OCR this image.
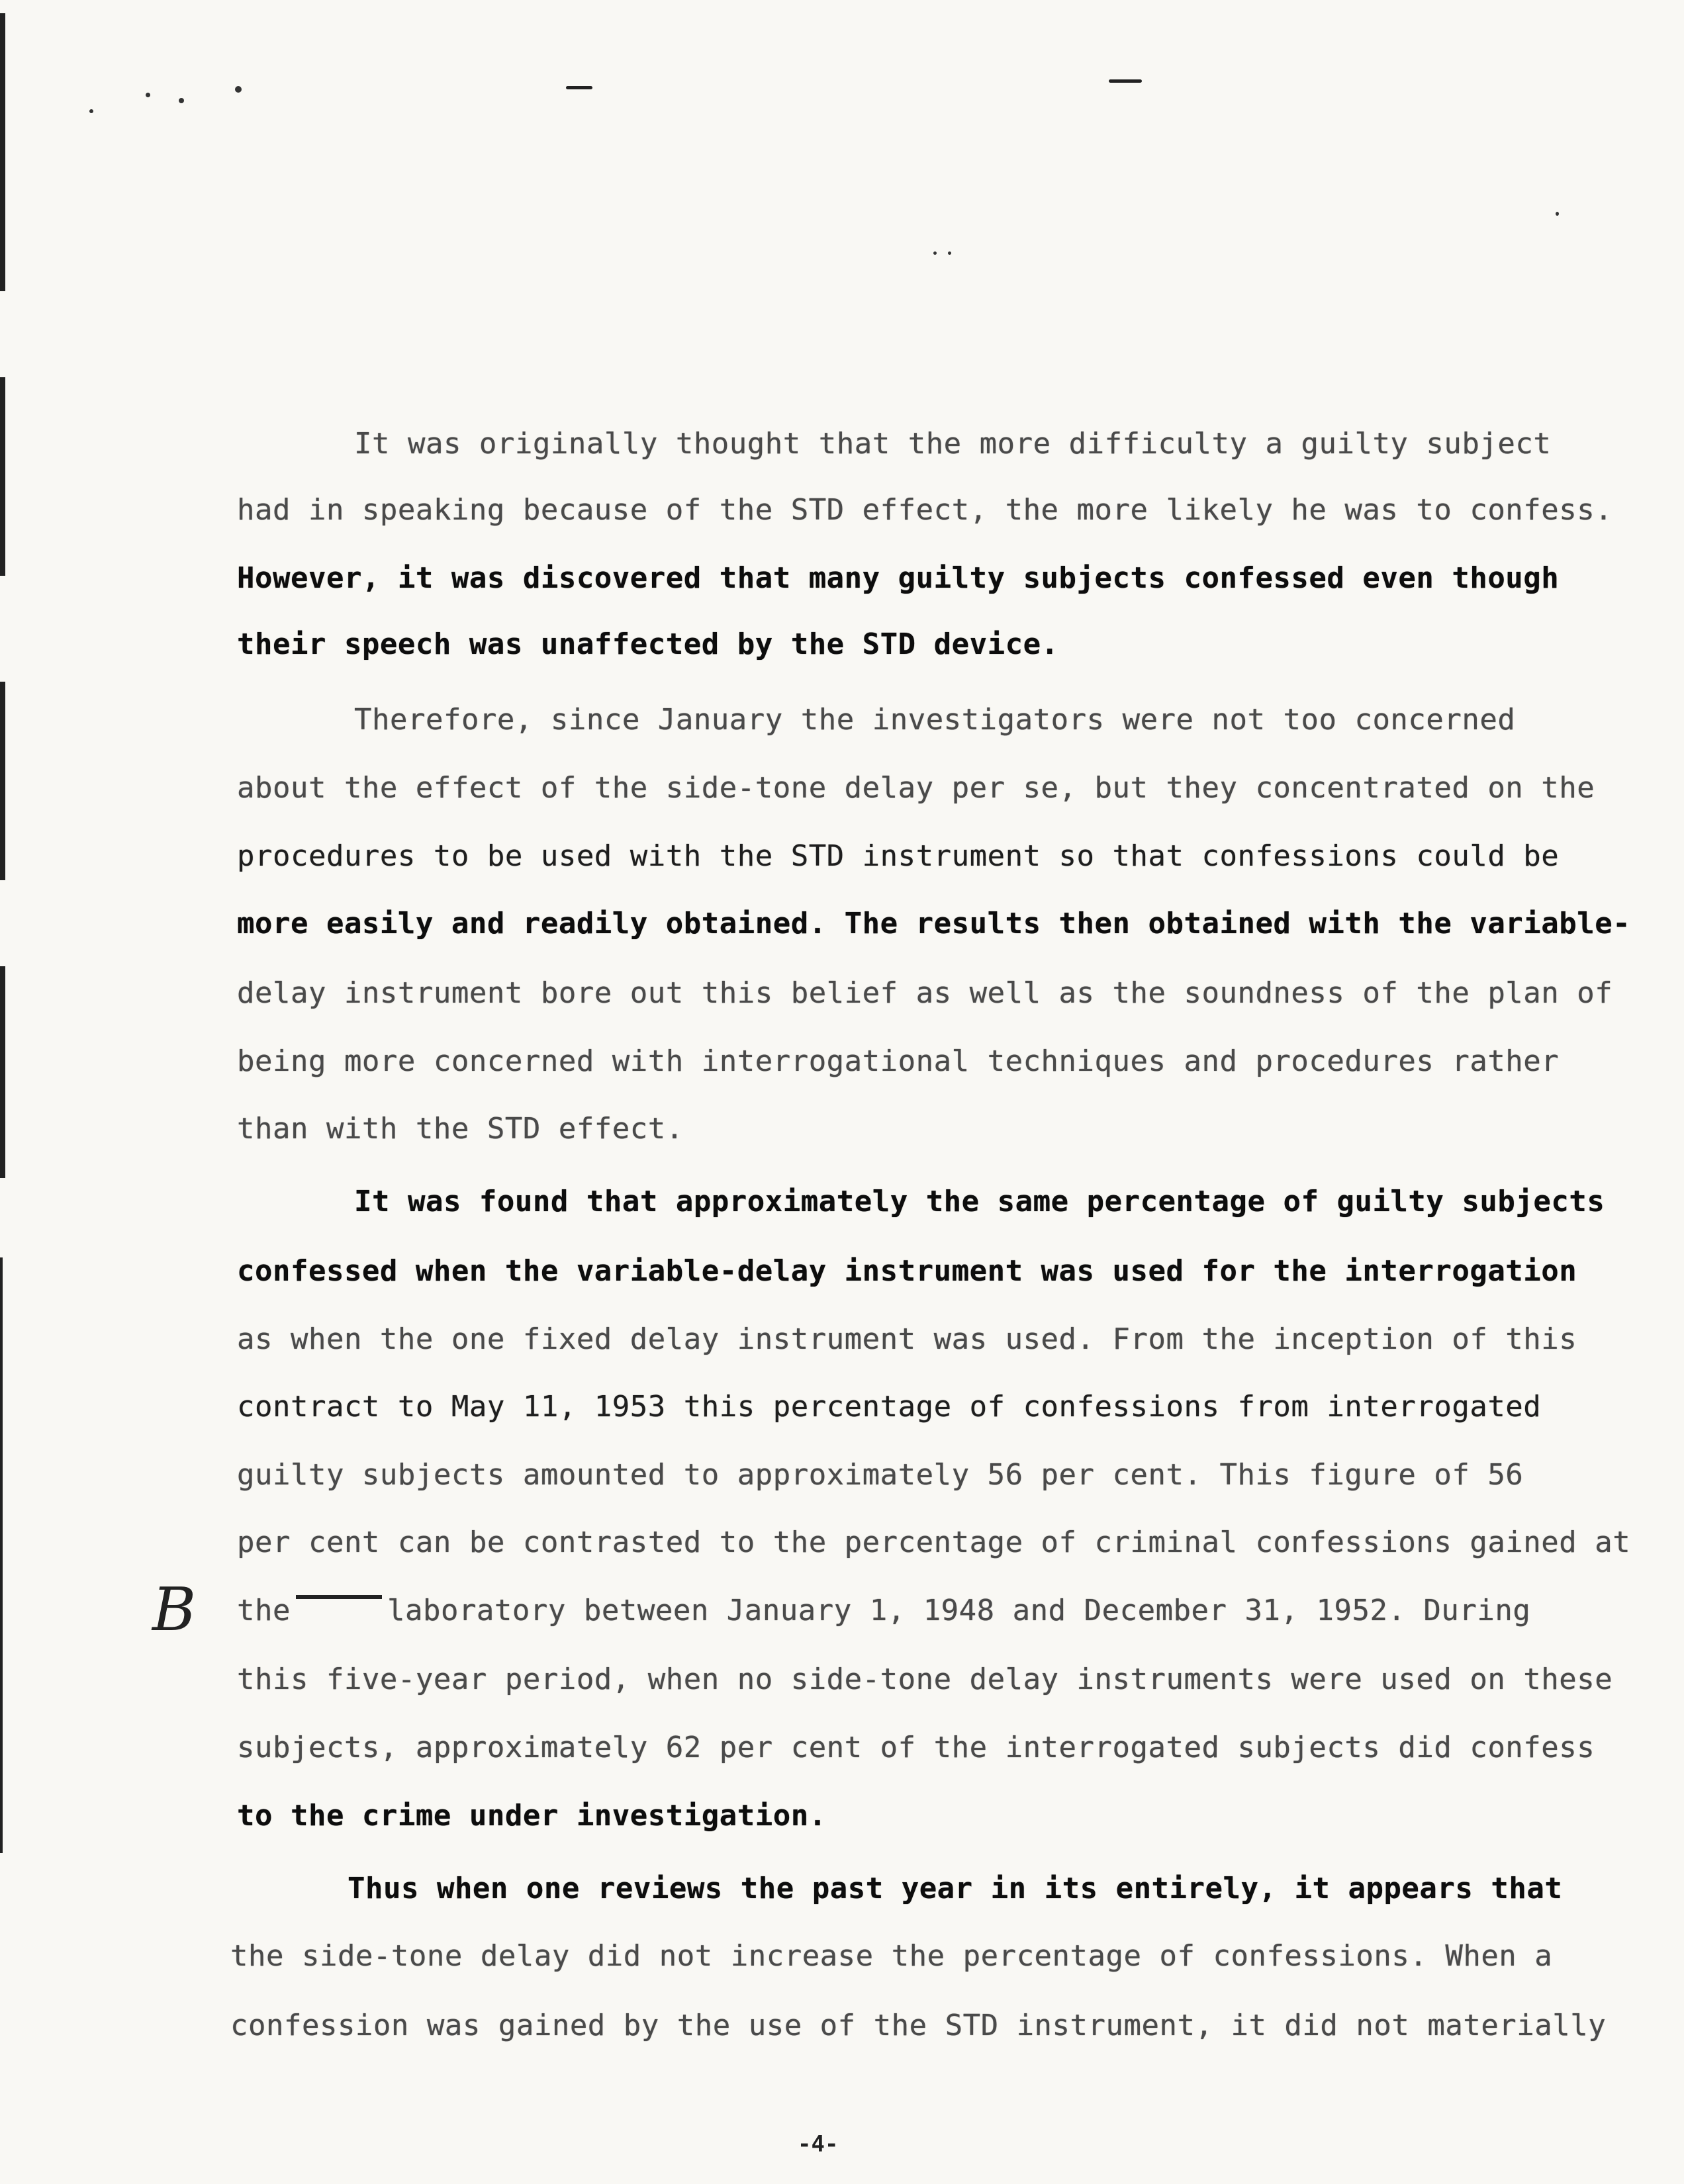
B
It was originally thought that the more difficulty a guilty subject
had in speaking because of the STD effect, the more likely he was to confess.
However, it was discovered that many guilty subjects confessed even though
their speech was unaffected by the STD device.
Therefore, since January the investigators were not too concerned
about the effect of the side-tone delay per se, but they concentrated on the
procedures to be used with the STD instrument so that confessions could be
more easily and readily obtained. The results then obtained with the variable-
delay instrument bore out this belief as well as the soundness of the plan of
being more concerned with interrogational techniques and procedures rather
than with the STD effect.
It was found that approximately the same percentage of guilty subjects
confessed when the variable-delay instrument was used for the interrogation
as when the one fixed delay instrument was used. From the inception of this
contract to May 11, 1953 this percentage of confessions from interrogated
guilty subjects amounted to approximately 56 per cent. This figure of 56
per cent can be contrasted to the percentage of criminal confessions gained at
the	laboratory between January 1, 1948 and December 31, 1952. During
this five-year period, when no side-tone delay instruments were used on these
subjects, approximately 62 per cent of the interrogated subjects did confess
to the crime under investigation.
Thus when one reviews the past year in its entirely, it appears that
the side-tone delay did not increase the percentage of confessions. When a
confession was gained by the use of the STD instrument, it did not materially
-4-
